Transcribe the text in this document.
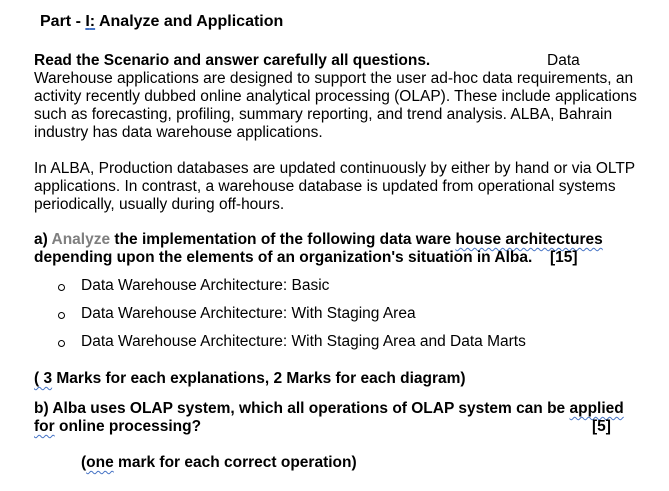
Part - I: Analyze and Application
Read the Scenario and answer carefully all questions.	Data
Warehouse applications are designed to support the user ad-hoc data requirements, an activity recently dubbed online analytical processing (OLAP). These include applications such as forecasting, profiling, summary reporting, and trend analysis. ALBA, Bahrain industry has data warehouse applications.
In ALBA, Production databases are updated continuously by either by hand or via OLTP applications. In contrast, a warehouse database is updated from operational systems periodically, usually during off-hours.
a) Analyze the implementation of the following data ware house architectures
depending upon the elements of an organization's situation in Alba. [15]
Data Warehouse Architecture: Basic
Data Warehouse Architecture: With Staging Area
Data Warehouse Architecture: With Staging Area and Data Marts
( 3 Marks for each explanations, 2 Marks for each diagram)
b) Alba uses OLAP system, which all operations of OLAP system can be applied
for online processing?	[5]
(one mark for each correct operation)
